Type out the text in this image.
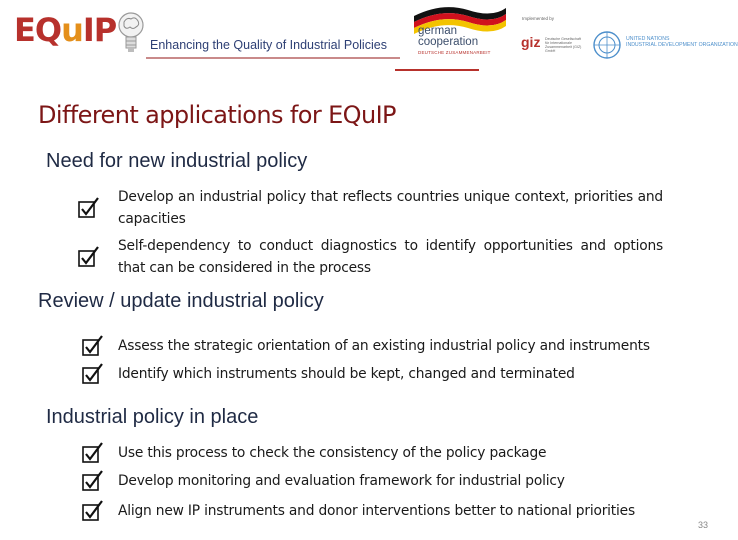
EQuIP	Enhancing the Quality of Industrial Policies
german
cooperation
DEUTSCHE ZUSAMMENARBEIT
Implemented by
giz Deutsche Gesellschaft für Internationale Zusammenarbeit (GIZ) GmbH
UNITED NATIONS
INDUSTRIAL DEVELOPMENT ORGANIZATION
Different applications for EQuIP
Need for new industrial policy
Develop an industrial policy that reflects countries unique context, priorities and capacities
Self-dependency to conduct diagnostics to identify opportunities and options that can be considered in the process
Review / update industrial policy
Assess the strategic orientation of an existing industrial policy and instruments
Identify which instruments should be kept, changed and terminated
Industrial policy in place
Use this process to check the consistency of the policy package
Develop monitoring and evaluation framework for industrial policy
Align new IP instruments and donor interventions better to national priorities
33
